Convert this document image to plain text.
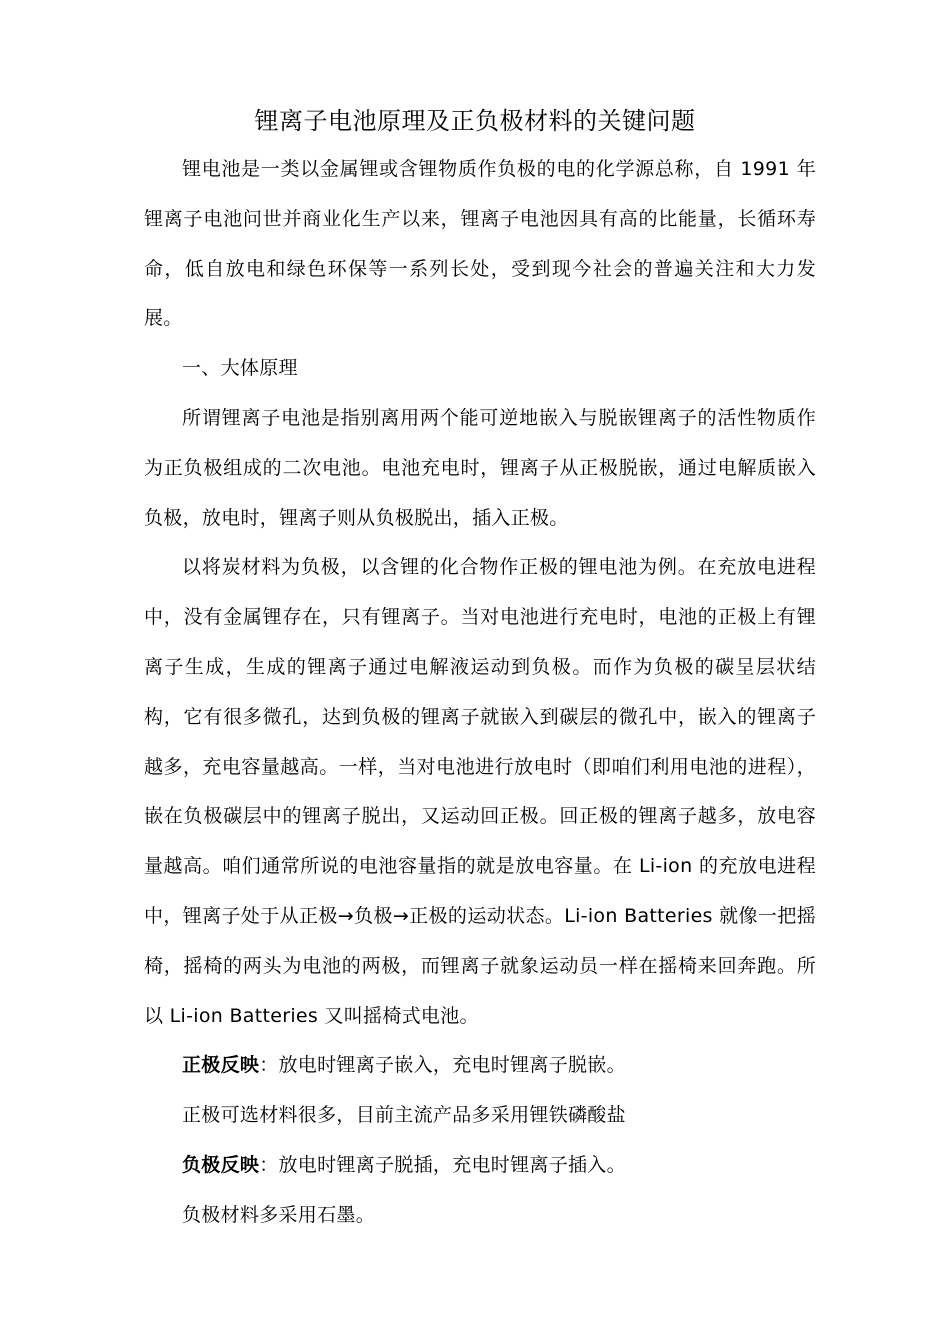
锂离子电池原理及正负极材料的关键问题

锂电池是一类以金属锂或含锂物质作负极的电的化学源总称，自 1991 年锂离子电池问世并商业化生产以来，锂离子电池因具有高的比能量，长循环寿命，低自放电和绿色环保等一系列长处，受到现今社会的普遍关注和大力发展。

一、大体原理

所谓锂离子电池是指别离用两个能可逆地嵌入与脱嵌锂离子的活性物质作为正负极组成的二次电池。电池充电时，锂离子从正极脱嵌，通过电解质嵌入负极，放电时，锂离子则从负极脱出，插入正极。

以将炭材料为负极，以含锂的化合物作正极的锂电池为例。在充放电进程中，没有金属锂存在，只有锂离子。当对电池进行充电时，电池的正极上有锂离子生成，生成的锂离子通过电解液运动到负极。而作为负极的碳呈层状结构，它有很多微孔，达到负极的锂离子就嵌入到碳层的微孔中，嵌入的锂离子越多，充电容量越高。一样，当对电池进行放电时（即咱们利用电池的进程），嵌在负极碳层中的锂离子脱出，又运动回正极。回正极的锂离子越多，放电容量越高。咱们通常所说的电池容量指的就是放电容量。在 Li-ion 的充放电进程中，锂离子处于从正极→负极→正极的运动状态。Li-ion Batteries 就像一把摇椅，摇椅的两头为电池的两极，而锂离子就象运动员一样在摇椅来回奔跑。所以 Li-ion Batteries 又叫摇椅式电池。

正极反映：放电时锂离子嵌入，充电时锂离子脱嵌。

正极可选材料很多，目前主流产品多采用锂铁磷酸盐

负极反映：放电时锂离子脱插，充电时锂离子插入。

负极材料多采用石墨。
